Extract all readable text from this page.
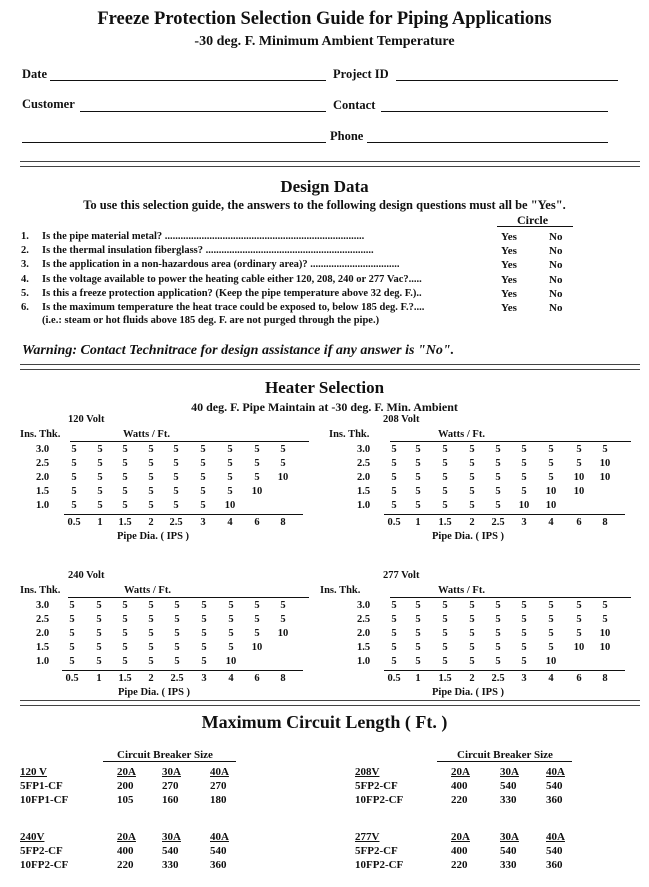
Freeze Protection Selection Guide for Piping Applications
-30 deg. F. Minimum Ambient Temperature
Date	Project ID
Customer	Contact
Phone
Design Data
To use this selection guide, the answers to the following design questions must all be "Yes".
Circle
1. Is the pipe material metal? ............................................................................	Yes	No
2. Is the thermal insulation fiberglass? ................................................................	Yes	No
3. Is the application in a non-hazardous area (ordinary area)? ..................................	Yes	No
4. Is the voltage available to power the heating cable either 120, 208, 240 or 277 Vac?.....	Yes	No
5. Is this a freeze protection application? (Keep the pipe temperature above 32 deg. F.)..	Yes	No
6. Is the maximum temperature the heat trace could be exposed to, below 185 deg. F.?....	Yes	No
(i.e.: steam or hot fluids above 185 deg. F. are not purged through the pipe.)
Warning: Contact Technitrace for design assistance if any answer is "No".
Heater Selection
40 deg. F. Pipe Maintain at -30 deg. F. Min. Ambient
120 Volt
Ins. Thk.	Watts / Ft.
3.0	5	5	5	5	5	5	5	5	5
2.5	5	5	5	5	5	5	5	5	5
2.0	5	5	5	5	5	5	5	5	10
1.5	5	5	5	5	5	5	5	10
1.0	5	5	5	5	5	5	10
0.5	1	1.5	2	2.5	3	4	6	8
Pipe Dia. ( IPS )
208 Volt
Ins. Thk.	Watts / Ft.
3.0	5	5	5	5	5	5	5	5	5
2.5	5	5	5	5	5	5	5	5	10
2.0	5	5	5	5	5	5	5	10 10
1.5	5	5	5	5	5	5	10 10
1.0	5	5	5	5	5	10 10
0.5	1	1.5	2	2.5	3	4	6	8
Pipe Dia. ( IPS )
240 Volt
Ins. Thk.	Watts / Ft.
3.0	5	5	5	5	5	5	5	5	5
2.5	5	5	5	5	5	5	5	5	5
2.0	5	5	5	5	5	5	5	5	10
1.5	5	5	5	5	5	5	5	10
1.0	5	5	5	5	5	5	10
0.5	1	1.5	2	2.5	3	4	6	8
Pipe Dia. ( IPS )
277 Volt
Ins. Thk.	Watts / Ft.
3.0	5	5	5	5	5	5	5	5	5
2.5	5	5	5	5	5	5	5	5	5
2.0	5	5	5	5	5	5	5	5	10
1.5	5	5	5	5	5	5	5	10 10
1.0	5	5	5	5	5	5	10
0.5	1	1.5	2	2.5	3	4	6	8
Pipe Dia. ( IPS )
Maximum Circuit Length ( Ft. )
Circuit Breaker Size
120 V	20A 30A	40A
5FP1-CF	200	270	270
10FP1-CF	105	160	180
Circuit Breaker Size
208V	20A	30A 40A
5FP2-CF	400	540	540
10FP2-CF	220	330	360
240V	20A 30A	40A
5FP2-CF	400	540	540
10FP2-CF	220	330	360
277V	20A	30A 40A
5FP2-CF	400	540	540
10FP2-CF	220	330	360
